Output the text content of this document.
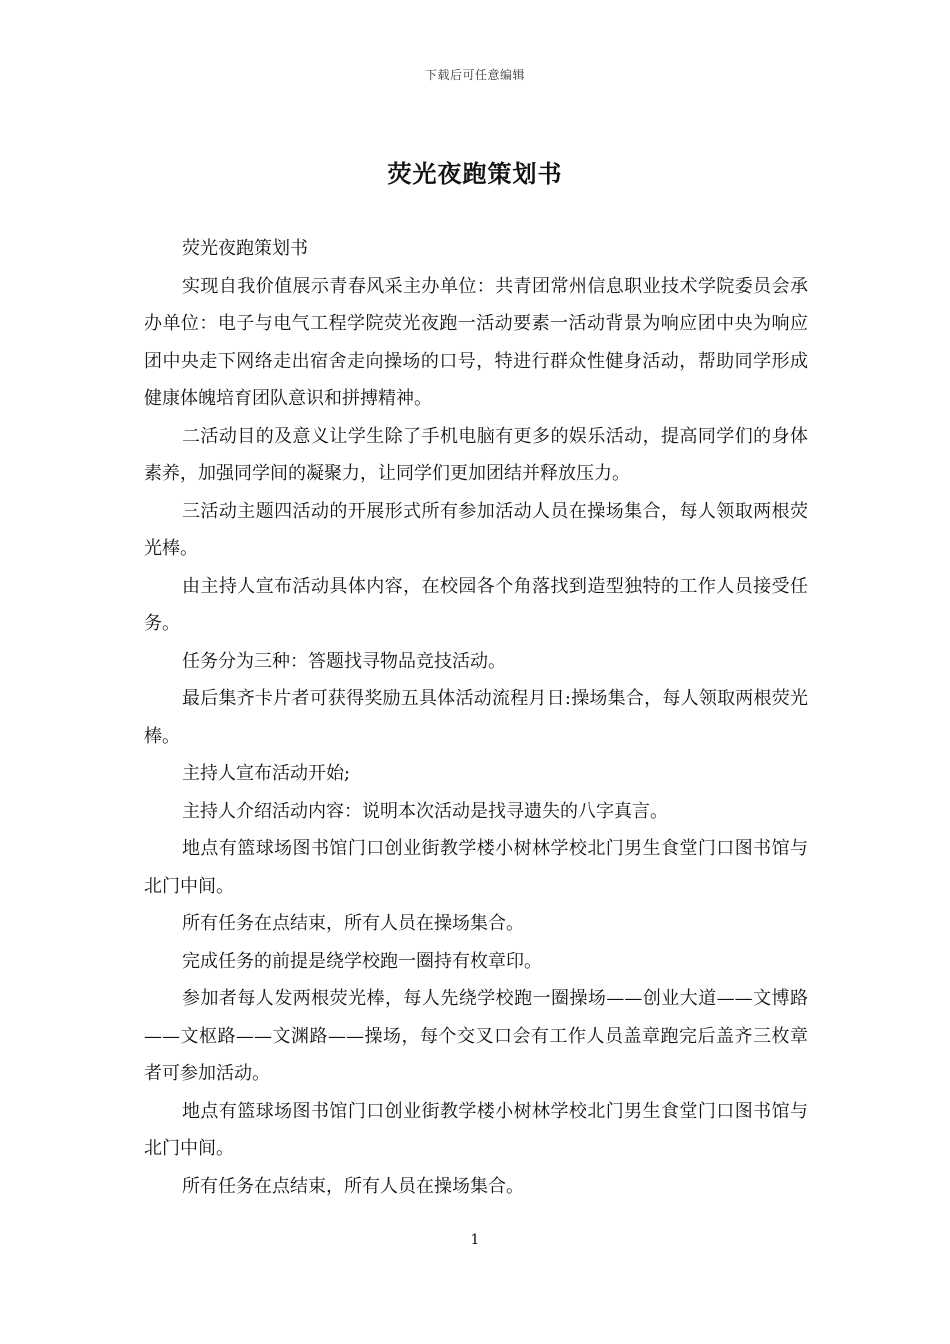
下载后可任意编辑
荧光夜跑策划书

荧光夜跑策划书

实现自我价值展示青春风采主办单位：共青团常州信息职业技术学院委员会承办单位：电子与电气工程学院荧光夜跑一活动要素一活动背景为响应团中央为响应团中央走下网络走出宿舍走向操场的口号，特进行群众性健身活动，帮助同学形成健康体魄培育团队意识和拼搏精神。

二活动目的及意义让学生除了手机电脑有更多的娱乐活动，提高同学们的身体素养，加强同学间的凝聚力，让同学们更加团结并释放压力。

三活动主题四活动的开展形式所有参加活动人员在操场集合，每人领取两根荧光棒。

由主持人宣布活动具体内容，在校园各个角落找到造型独特的工作人员接受任务。

任务分为三种：答题找寻物品竞技活动。

最后集齐卡片者可获得奖励五具体活动流程月日:操场集合，每人领取两根荧光棒。

主持人宣布活动开始;

主持人介绍活动内容：说明本次活动是找寻遗失的八字真言。

地点有篮球场图书馆门口创业街教学楼小树林学校北门男生食堂门口图书馆与北门中间。

所有任务在点结束，所有人员在操场集合。

完成任务的前提是绕学校跑一圈持有枚章印。

参加者每人发两根荧光棒，每人先绕学校跑一圈操场——创业大道——文博路——文枢路——文渊路——操场，每个交叉口会有工作人员盖章跑完后盖齐三枚章者可参加活动。

地点有篮球场图书馆门口创业街教学楼小树林学校北门男生食堂门口图书馆与北门中间。

所有任务在点结束，所有人员在操场集合。

1
